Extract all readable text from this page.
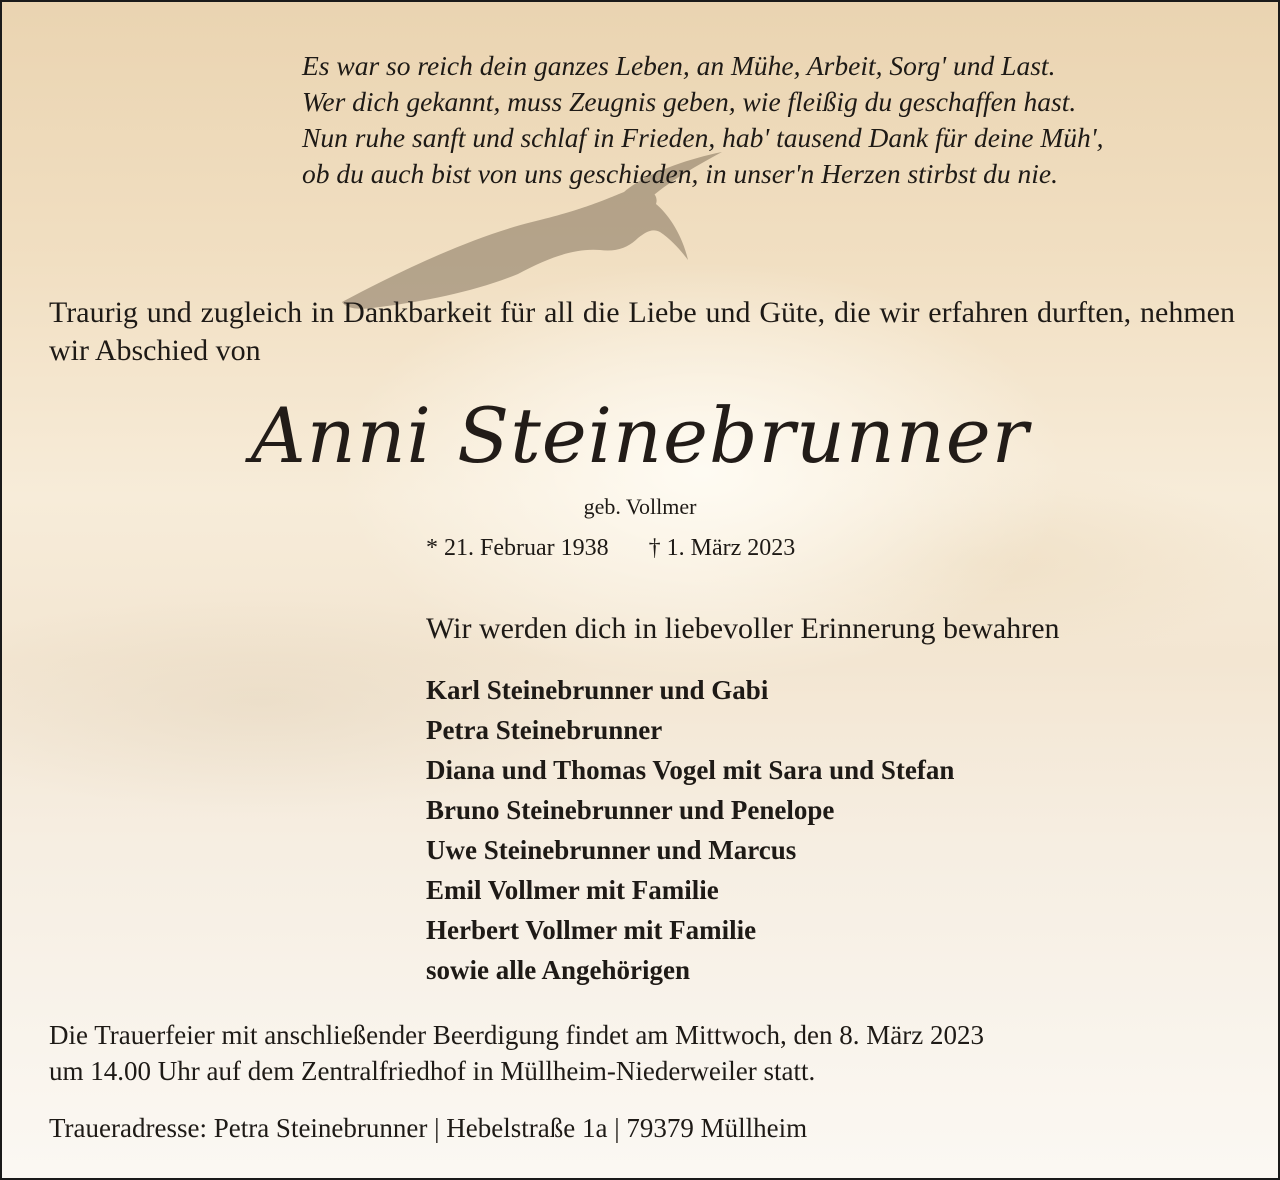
Es war so reich dein ganzes Leben, an Mühe, Arbeit, Sorg' und Last.
Wer dich gekannt, muss Zeugnis geben, wie fleißig du geschaffen hast.
Nun ruhe sanft und schlaf in Frieden, hab' tausend Dank für deine Müh',
ob du auch bist von uns geschieden, in unser'n Herzen stirbst du nie.
Traurig und zugleich in Dankbarkeit für all die Liebe und Güte, die wir erfahren durften, nehmen wir Abschied von
Anni Steinebrunner
geb. Vollmer
* 21. Februar 1938 † 1. März 2023
Wir werden dich in liebevoller Erinnerung bewahren
Karl Steinebrunner und Gabi
Petra Steinebrunner
Diana und Thomas Vogel mit Sara und Stefan
Bruno Steinebrunner und Penelope
Uwe Steinebrunner und Marcus
Emil Vollmer mit Familie
Herbert Vollmer mit Familie
sowie alle Angehörigen
Die Trauerfeier mit anschließender Beerdigung findet am Mittwoch, den 8. März 2023
um 14.00 Uhr auf dem Zentralfriedhof in Müllheim-Niederweiler statt.
Traueradresse: Petra Steinebrunner | Hebelstraße 1a | 79379 Müllheim
